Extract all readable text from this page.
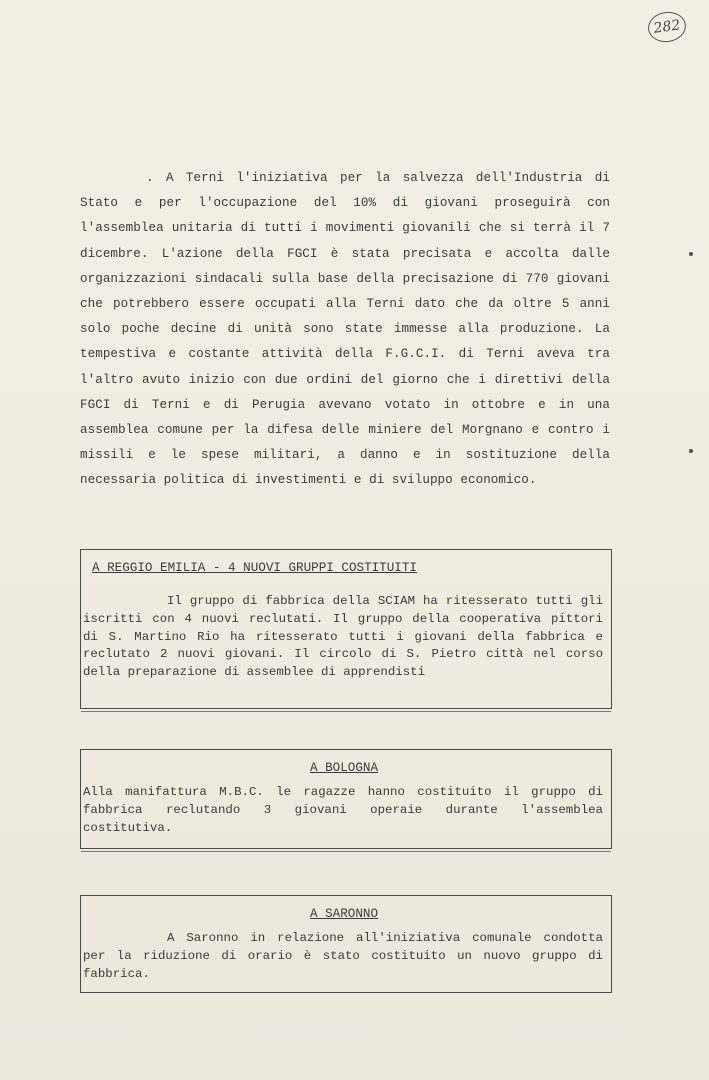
282

. A Terni l'iniziativa per la salvezza dell'Industria di Stato e per l'occupazione del 10% di giovani proseguirà con l'assemblea unitaria di tutti i movimenti giovanili che si terrà il 7 dicembre. L'azione della FGCI è stata precisata e accolta dalle organizzazioni sindacali sulla base della precisazione di 770 giovani che potrebbero essere occupati alla Terni dato che da oltre 5 anni solo poche decine di unità sono state immesse alla produzione. La tempestiva e costante attività della F.G.C.I. di Terni aveva tra l'altro avuto inizio con due ordini del giorno che i direttivi della FGCI di Terni e di Perugia avevano votato in ottobre e in una assemblea comune per la difesa delle miniere del Morgnano e contro i missili e le spese militari, a danno e in sostituzione della necessaria politica di investimenti e di sviluppo economico.

A REGGIO EMILIA - 4 NUOVI GRUPPI COSTITUITI
Il gruppo di fabbrica della SCIAM ha ritesserato tutti gli iscritti con 4 nuovi reclutati. Il gruppo della cooperativa pittori di S. Martino Rio ha ritesserato tutti i giovani della fabbrica e reclutato 2 nuovi giovani. Il circolo di S. Pietro città nel corso della preparazione di assemblee di apprendisti
A BOLOGNA
Alla manifattura M.B.C. le ragazze hanno costituito il gruppo di fabbrica reclutando 3 giovani operaie durante l'assemblea costitutiva.
A SARONNO
A Saronno in relazione all'iniziativa comunale condotta per la riduzione di orario è stato costituito un nuovo gruppo di fabbrica.
